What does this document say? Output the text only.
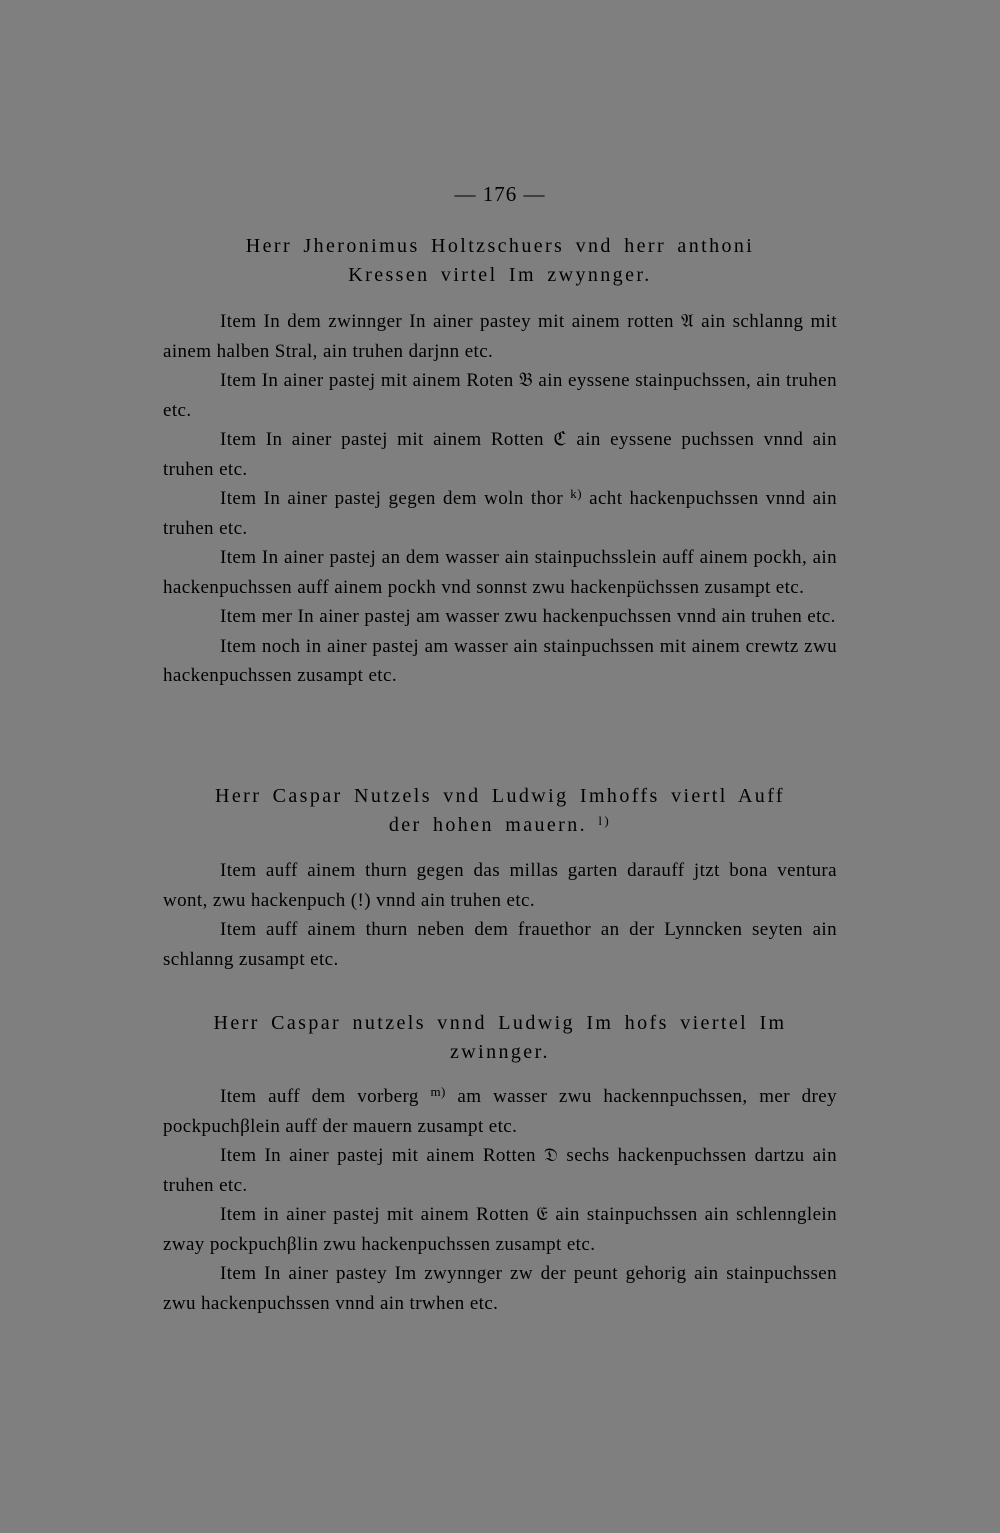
— 176 —
Herr Jheronimus Holtzschuers vnd herr anthoni
Kressen virtel Im zwynnger.

Item In dem zwinnger In ainer pastey mit ainem rotten 𝔄 ain schlanng mit ainem halben Stral, ain truhen darjnn etc.

Item In ainer pastej mit ainem Roten 𝔅 ain eyssene stainpuchssen, ain truhen etc.

Item In ainer pastej mit ainem Rotten ℭ ain eyssene puchssen vnnd ain truhen etc.

Item In ainer pastej gegen dem woln thor $^{k)}$ acht hackenpuchssen vnnd ain truhen etc.

Item In ainer pastej an dem wasser ain stainpuchsslein auff ainem pockh, ain hackenpuchssen auff ainem pockh vnd sonnst zwu hackenpüchssen zusampt etc.

Item mer In ainer pastej am wasser zwu hackenpuchssen vnnd ain truhen etc.

Item noch in ainer pastej am wasser ain stainpuchssen mit ainem crewtz zwu hackenpuchssen zusampt etc.

Herr Caspar Nutzels vnd Ludwig Imhoffs viertl Auff
der hohen mauern. $^{l)}$

Item auff ainem thurn gegen das millas garten darauff jtzt bona ventura wont, zwu hackenpuch (!) vnnd ain truhen etc.

Item auff ainem thurn neben dem frauethor an der Lynncken seyten ain schlanng zusampt etc.

Herr Caspar nutzels vnnd Ludwig Im hofs viertel Im
zwinnger.

Item auff dem vorberg $^{m)}$ am wasser zwu hackennpuchssen, mer drey pockpuchβlein auff der mauern zusampt etc.

Item In ainer pastej mit ainem Rotten 𝔇 sechs hackenpuchssen dartzu ain truhen etc.

Item in ainer pastej mit ainem Rotten 𝔈 ain stainpuchssen ain schlennglein zway pockpuchβlin zwu hackenpuchssen zusampt etc.

Item In ainer pastey Im zwynnger zw der peunt gehorig ain stainpuchssen zwu hackenpuchssen vnnd ain trwhen etc.
